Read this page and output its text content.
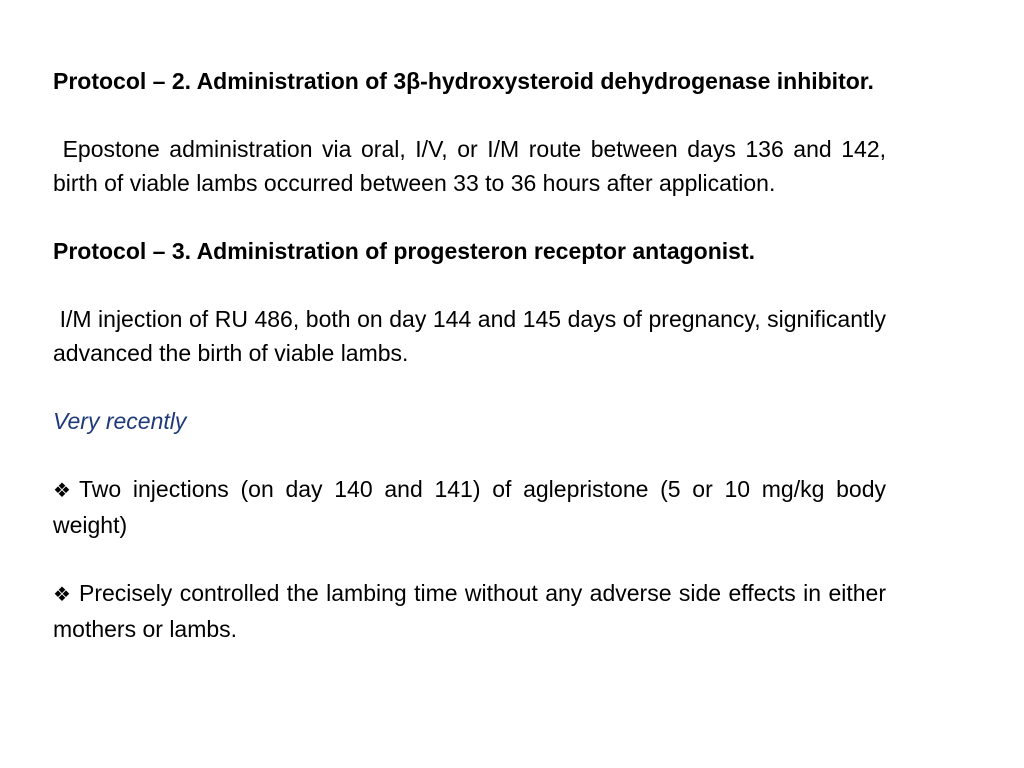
Protocol – 2. Administration of 3β-hydroxysteroid dehydrogenase inhibitor.

Epostone administration via oral, I/V, or I/M route between days 136 and 142, birth of viable lambs occurred between 33 to 36 hours after application.

Protocol – 3. Administration of progesteron receptor antagonist.

I/M injection of RU 486, both on day 144 and 145 days of pregnancy, significantly advanced the birth of viable lambs.

Very recently

❖ Two injections (on day 140 and 141) of aglepristone (5 or 10 mg/kg body weight)

❖ Precisely controlled the lambing time without any adverse side effects in either mothers or lambs.
